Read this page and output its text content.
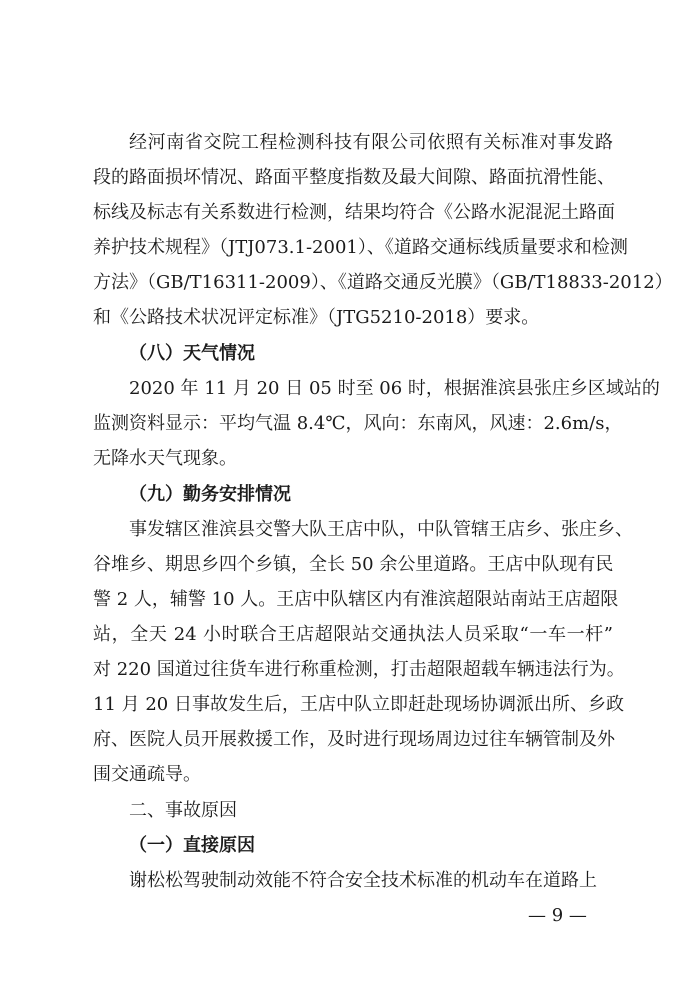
经河南省交院工程检测科技有限公司依照有关标准对事发路
段的路面损坏情况、路面平整度指数及最大间隙、路面抗滑性能、
标线及标志有关系数进行检测，结果均符合《公路水泥混泥土路面
养护技术规程》（JTJ073.1-2001）、《道路交通标线质量要求和检测
方法》（GB/T16311-2009）、《道路交通反光膜》（GB/T18833-2012）
和《公路技术状况评定标准》（JTG5210-2018）要求。
（八）天气情况
2020 年 11 月 20 日 05 时至 06 时，根据淮滨县张庄乡区域站的
监测资料显示：平均气温 8.4℃，风向：东南风，风速：2.6m/s，
无降水天气现象。
（九）勤务安排情况
事发辖区淮滨县交警大队王店中队，中队管辖王店乡、张庄乡、
谷堆乡、期思乡四个乡镇，全长 50 余公里道路。王店中队现有民
警 2 人，辅警 10 人。王店中队辖区内有淮滨超限站南站王店超限
站，全天 24 小时联合王店超限站交通执法人员采取“一车一杆”
对 220 国道过往货车进行称重检测，打击超限超载车辆违法行为。
11 月 20 日事故发生后，王店中队立即赶赴现场协调派出所、乡政
府、医院人员开展救援工作，及时进行现场周边过往车辆管制及外
围交通疏导。
二、事故原因
（一）直接原因
谢松松驾驶制动效能不符合安全技术标准的机动车在道路上
— 9 —
